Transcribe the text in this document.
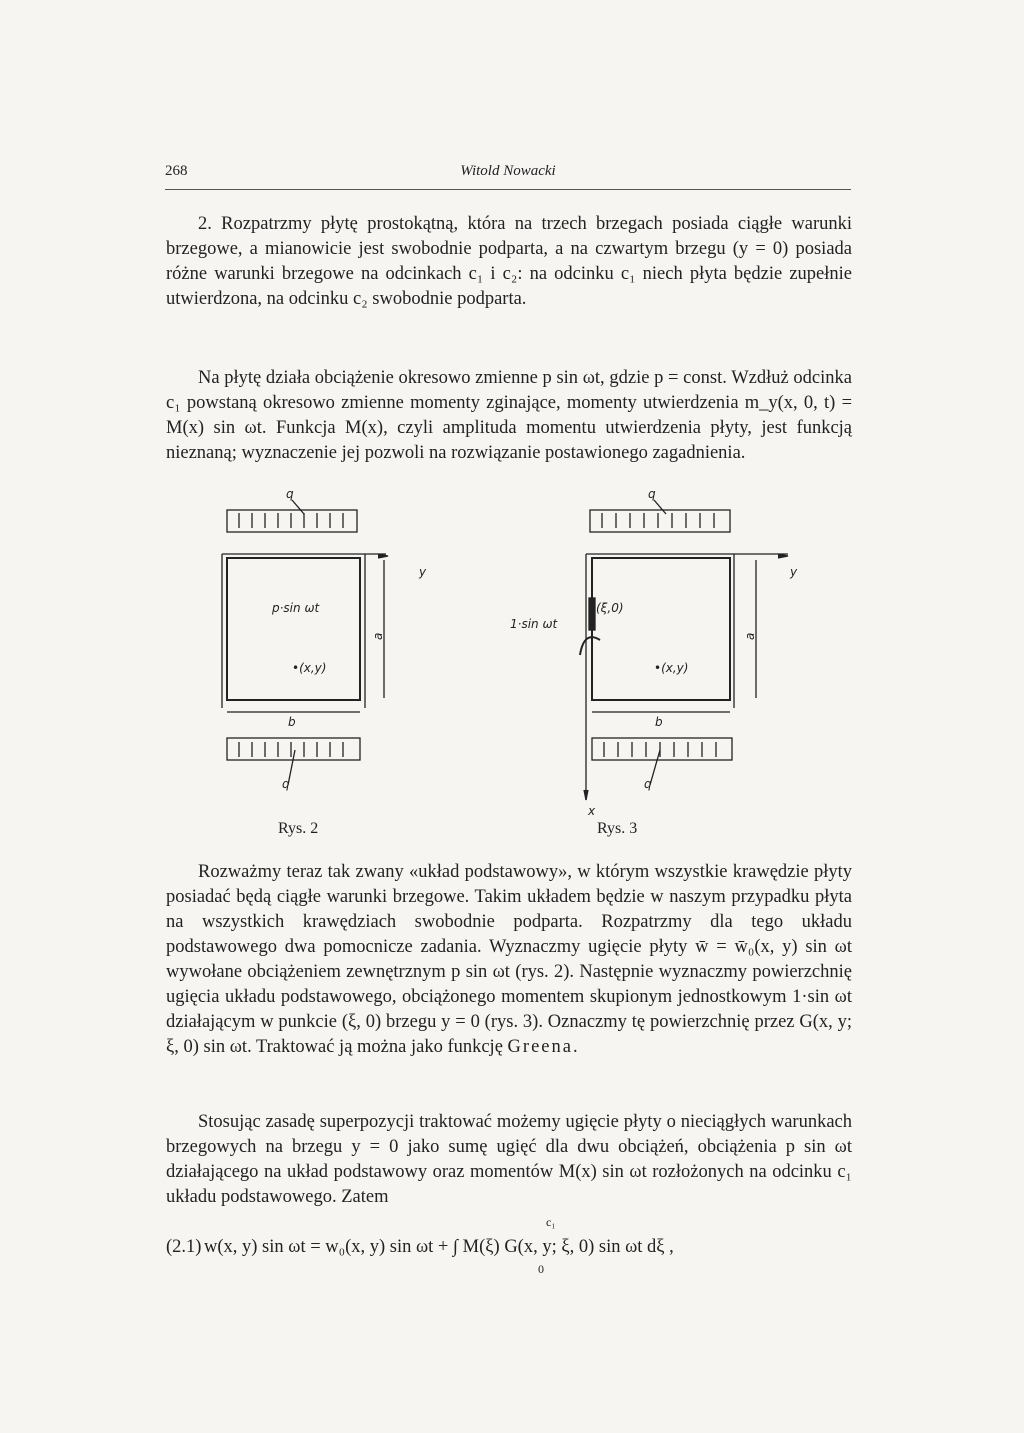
268	Witold Nowacki

2. Rozpatrzmy płytę prostokątną, która na trzech brzegach posiada ciągłe warunki brzegowe, a mianowicie jest swobodnie podparta, a na czwartym brzegu (y = 0) posiada różne warunki brzegowe na odcinkach c₁ i c₂: na odcinku c₁ niech płyta będzie zupełnie utwierdzona, na odcinku c₂ swobodnie podparta.

Na płytę działa obciążenie okresowo zmienne p sin ωt, gdzie p = const. Wzdłuż odcinka c₁ powstaną okresowo zmienne momenty zginające, momenty utwierdzenia m_y(x, 0, t) = M(x) sin ωt. Funkcja M(x), czyli amplituda momentu utwierdzenia płyty, jest funkcją nieznaną; wyznaczenie jej pozwoli na rozwiązanie postawionego zagadnienia.

q
y
p·sin ωt
•(x,y)
a
b
q
Rys. 2
q
y
x
1·sin ωt
(ξ,0)
•(x,y)
a
b
q
Rys. 3

Rozważmy teraz tak zwany «układ podstawowy», w którym wszystkie krawędzie płyty posiadać będą ciągłe warunki brzegowe. Takim układem będzie w naszym przypadku płyta na wszystkich krawędziach swobodnie podparta. Rozpatrzmy dla tego układu podstawowego dwa pomocnicze zadania. Wyznaczmy ugięcie płyty w̄ = w̄₀(x, y) sin ωt wywołane obciążeniem zewnętrznym p sin ωt (rys. 2). Następnie wyznaczmy powierzchnię ugięcia układu podstawowego, obciążonego momentem skupionym jednostkowym 1·sin ωt działającym w punkcie (ξ, 0) brzegu y = 0 (rys. 3). Oznaczmy tę powierzchnię przez G(x, y; ξ, 0) sin ωt. Traktować ją można jako funkcję Greena.

Stosując zasadę superpozycji traktować możemy ugięcie płyty o nieciągłych warunkach brzegowych na brzegu y = 0 jako sumę ugięć dla dwu obciążeń, obciążenia p sin ωt działającego na układ podstawowy oraz momentów M(x) sin ωt rozłożonych na odcinku c₁ układu podstawowego. Zatem

(2.1) w(x, y) sin ωt = w₀(x, y) sin ωt + ∫ M(ξ) G(x, y; ξ, 0) sin ωt dξ ,
c₁
0
